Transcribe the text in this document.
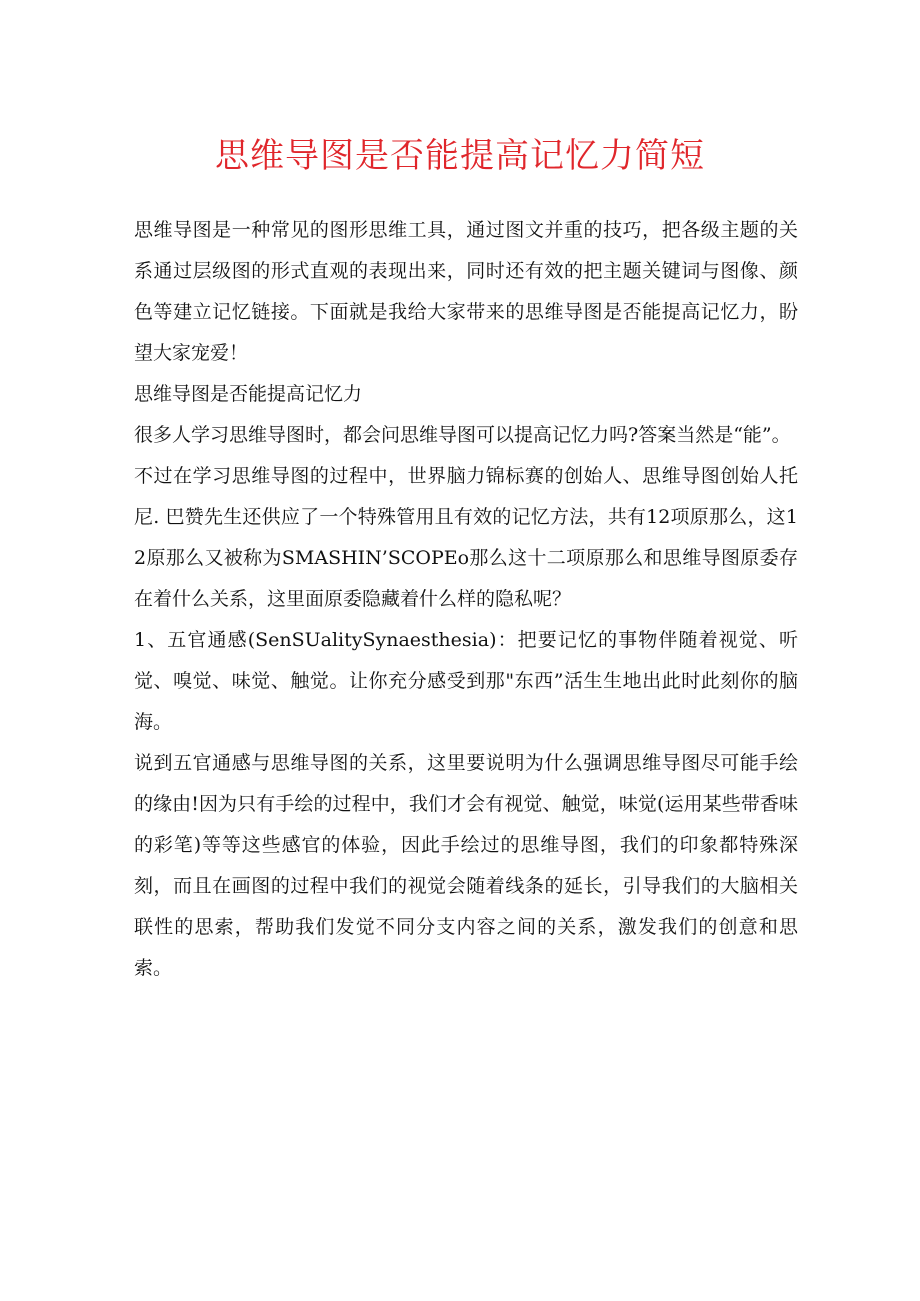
思维导图是否能提高记忆力简短

思维导图是一种常见的图形思维工具，通过图文并重的技巧，把各级主题的关系通过层级图的形式直观的表现出来，同时还有效的把主题关键词与图像、颜色等建立记忆链接。下面就是我给大家带来的思维导图是否能提高记忆力，盼望大家宠爱！

思维导图是否能提高记忆力

很多人学习思维导图时，都会问思维导图可以提高记忆力吗?答案当然是“能”。

不过在学习思维导图的过程中，世界脑力锦标赛的创始人、思维导图创始人托尼. 巴赞先生还供应了一个特殊管用且有效的记忆方法，共有12项原那么，这12原那么又被称为SMASHIN’SCOPEo那么这十二项原那么和思维导图原委存在着什么关系，这里面原委隐藏着什么样的隐私呢？

1、五官通感(SenSUalitySynaesthesia)：把要记忆的事物伴随着视觉、听觉、嗅觉、味觉、触觉。让你充分感受到那"东西”活生生地出此时此刻你的脑海。

说到五官通感与思维导图的关系，这里要说明为什么强调思维导图尽可能手绘的缘由!因为只有手绘的过程中，我们才会有视觉、触觉，味觉(运用某些带香味的彩笔)等等这些感官的体验，因此手绘过的思维导图，我们的印象都特殊深刻，而且在画图的过程中我们的视觉会随着线条的延长，引导我们的大脑相关联性的思索，帮助我们发觉不同分支内容之间的关系，激发我们的创意和思索。
